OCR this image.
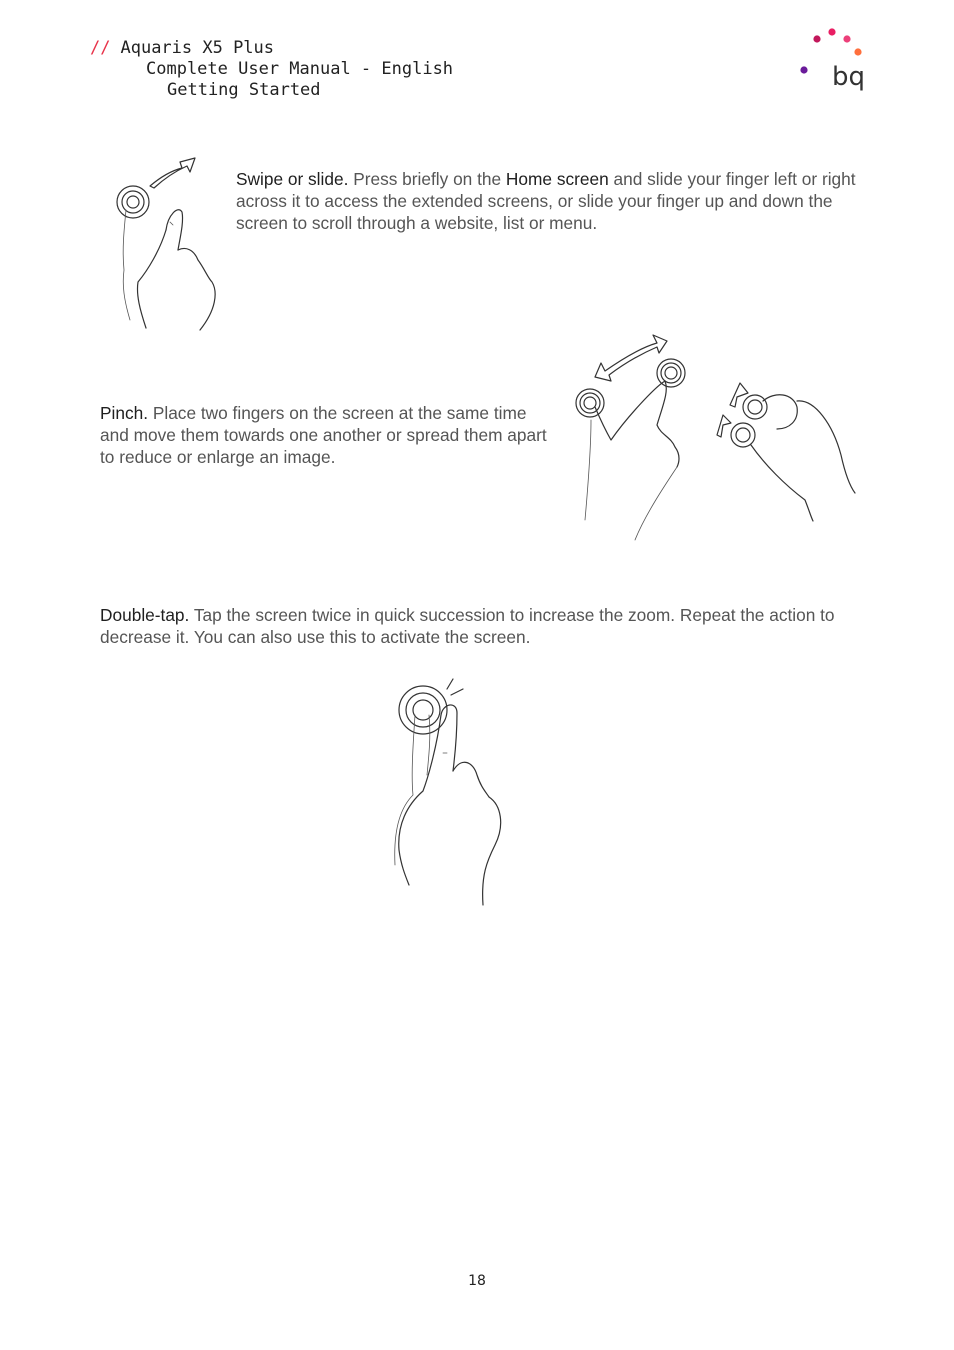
// Aquaris X5 Plus
Complete User Manual - English
Getting Started	bq
Swipe or slide. Press briefly on the Home screen and slide your finger left or right across it to access the extended screens, or slide your finger up and down the screen to scroll through a website, list or menu.
Pinch. Place two fingers on the screen at the same time and move them towards one another or spread them apart to reduce or enlarge an image.
Double-tap. Tap the screen twice in quick succession to increase the zoom. Repeat the action to decrease it. You can also use this to activate the screen.
18
